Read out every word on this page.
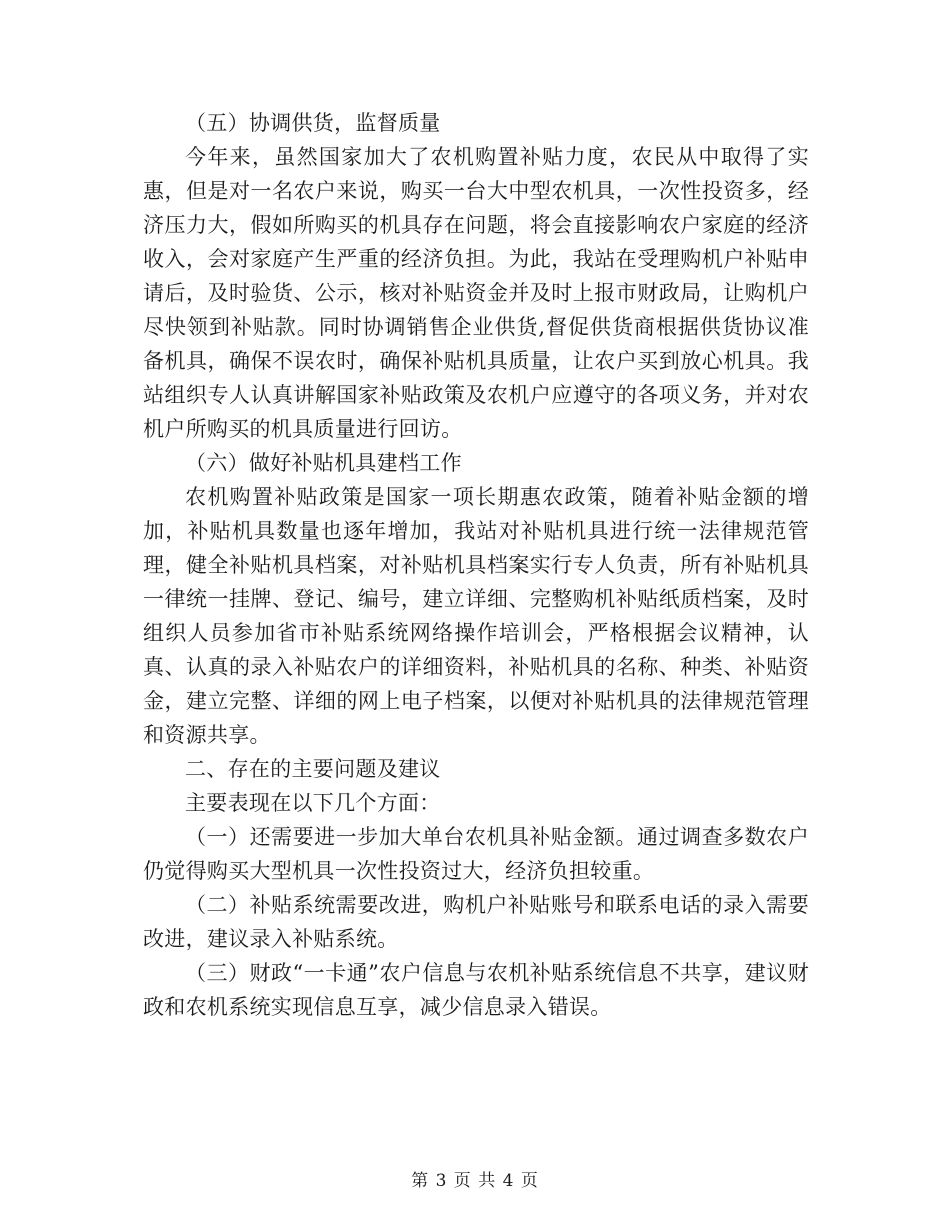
（五）协调供货，监督质量

今年来，虽然国家加大了农机购置补贴力度，农民从中取得了实惠，但是对一名农户来说，购买一台大中型农机具，一次性投资多，经济压力大，假如所购买的机具存在问题，将会直接影响农户家庭的经济收入，会对家庭产生严重的经济负担。为此，我站在受理购机户补贴申请后，及时验货、公示，核对补贴资金并及时上报市财政局，让购机户尽快领到补贴款。同时协调销售企业供货,督促供货商根据供货协议准备机具，确保不误农时，确保补贴机具质量，让农户买到放心机具。我站组织专人认真讲解国家补贴政策及农机户应遵守的各项义务，并对农机户所购买的机具质量进行回访。

（六）做好补贴机具建档工作

农机购置补贴政策是国家一项长期惠农政策，随着补贴金额的增加，补贴机具数量也逐年增加，我站对补贴机具进行统一法律规范管理，健全补贴机具档案，对补贴机具档案实行专人负责，所有补贴机具一律统一挂牌、登记、编号，建立详细、完整购机补贴纸质档案，及时组织人员参加省市补贴系统网络操作培训会，严格根据会议精神，认真、认真的录入补贴农户的详细资料，补贴机具的名称、种类、补贴资金，建立完整、详细的网上电子档案，以便对补贴机具的法律规范管理和资源共享。

二、存在的主要问题及建议

主要表现在以下几个方面：

（一）还需要进一步加大单台农机具补贴金额。通过调查多数农户仍觉得购买大型机具一次性投资过大，经济负担较重。

（二）补贴系统需要改进，购机户补贴账号和联系电话的录入需要改进，建议录入补贴系统。

（三）财政“一卡通”农户信息与农机补贴系统信息不共享，建议财政和农机系统实现信息互享，减少信息录入错误。

第 3 页 共 4 页
